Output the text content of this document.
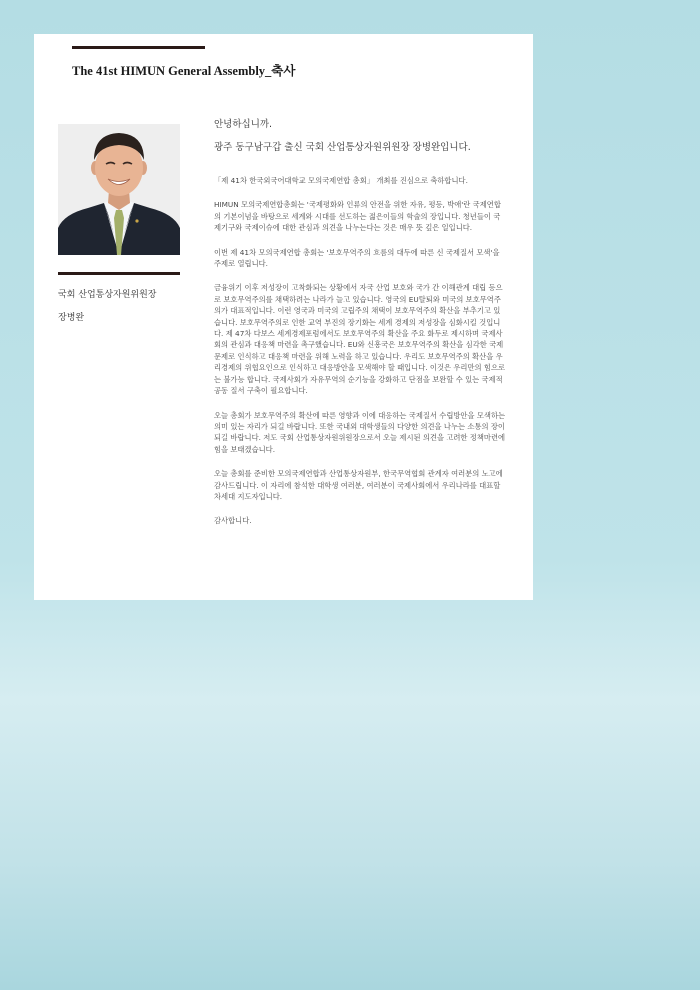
The 41st HIMUN General Assembly_축사
국회 산업통상자원위원장
장병완

안녕하십니까.

광주 동구남구갑 출신 국회 산업통상자원위원장 장병완입니다.

「제 41차 한국외국어대학교 모의국제연합 총회」 개최를 진심으로 축하합니다.

HIMUN 모의국제연합총회는 '국제평화와 인류의 안전을 위한 자유, 평등, 박애'란 국제연합의 기본이념을 바탕으로 세계와 시대를 선도하는 젊은이들의 학술의 장입니다. 청년들이 국제기구와 국제이슈에 대한 관심과 의견을 나누는다는 것은 매우 뜻 깊은 일입니다.

이번 제 41차 모의국제연합 총회는 '보호무역주의 흐름의 대두에 따른 신 국제질서 모색'을 주제로 열립니다.

금융위기 이후 저성장이 고착화되는 상황에서 자국 산업 보호와 국가 간 이해관계 대립 등으로 보호무역주의를 채택하려는 나라가 늘고 있습니다. 영국의 EU탈퇴와 미국의 보호무역주의가 대표적입니다. 이런 영국과 미국의 고립주의 채택이 보호무역주의 확산을 부추기고 있습니다. 보호무역주의로 인한 교역 부진의 장기화는 세계 경제의 저성장을 심화시킬 것입니다. 제 47차 다보스 세계경제포럼에서도 보호무역주의 확산을 주요 화두로 제시하며 국제사회의 관심과 대응책 마련을 촉구했습니다. EU와 신흥국은 보호무역주의 확산을 심각한 국제문제로 인식하고 대응책 마련을 위해 노력을 하고 있습니다. 우리도 보호무역주의 확산을 우리경제의 위협요인으로 인식하고 대응방안을 모색해야 할 때입니다. 이것은 우리만의 힘으로는 불가능 합니다. 국제사회가 자유무역의 순기능을 강화하고 단점을 보완할 수 있는 국제적 공동 질서 구축이 필요합니다.

오늘 총회가 보호무역주의 확산에 따른 영향과 이에 대응하는 국제질서 수립방안을 모색하는 의미 있는 자리가 되길 바랍니다. 또한 국내외 대학생들의 다양한 의견을 나누는 소통의 장이 되길 바랍니다. 저도 국회 산업통상자원위원장으로서 오늘 제시된 의견을 고려한 정책마련에 힘을 보태겠습니다.

오늘 총회를 준비한 모의국제연합과 산업통상자원부, 한국무역협회 관계자 여러분의 노고에 감사드립니다. 이 자리에 참석한 대학생 여러분, 여러분이 국제사회에서 우리나라를 대표할 차세대 지도자입니다.

감사합니다.
